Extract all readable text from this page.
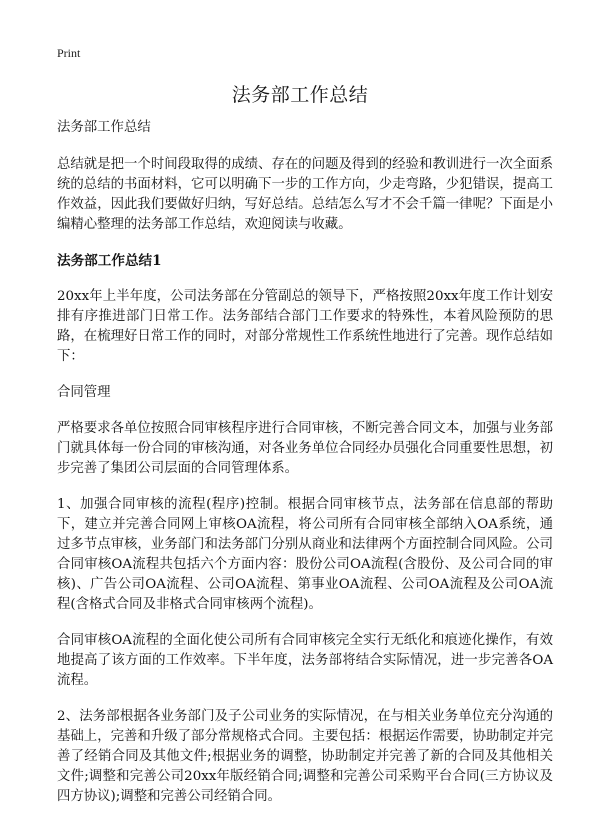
Print
法务部工作总结

法务部工作总结

总结就是把一个时间段取得的成绩、存在的问题及得到的经验和教训进行一次全面系统的总结的书面材料，它可以明确下一步的工作方向，少走弯路，少犯错误，提高工作效益，因此我们要做好归纳，写好总结。总结怎么写才不会千篇一律呢？下面是小编精心整理的法务部工作总结，欢迎阅读与收藏。

法务部工作总结1

20xx年上半年度，公司法务部在分管副总的领导下，严格按照20xx年度工作计划安排有序推进部门日常工作。法务部结合部门工作要求的特殊性，本着风险预防的思路，在梳理好日常工作的同时，对部分常规性工作系统性地进行了完善。现作总结如下：

合同管理

严格要求各单位按照合同审核程序进行合同审核，不断完善合同文本，加强与业务部门就具体每一份合同的审核沟通，对各业务单位合同经办员强化合同重要性思想，初步完善了集团公司层面的合同管理体系。

1、加强合同审核的流程(程序)控制。根据合同审核节点，法务部在信息部的帮助下，建立并完善合同网上审核OA流程，将公司所有合同审核全部纳入OA系统，通过多节点审核，业务部门和法务部门分别从商业和法律两个方面控制合同风险。公司合同审核OA流程共包括六个方面内容：股份公司OA流程(含股份、及公司合同的审核)、广告公司OA流程、公司OA流程、第事业OA流程、公司OA流程及公司OA流程(含格式合同及非格式合同审核两个流程)。

合同审核OA流程的全面化使公司所有合同审核完全实行无纸化和痕迹化操作，有效地提高了该方面的工作效率。下半年度，法务部将结合实际情况，进一步完善各OA流程。

2、法务部根据各业务部门及子公司业务的实际情况，在与相关业务单位充分沟通的基础上，完善和升级了部分常规格式合同。主要包括：根据运作需要，协助制定并完善了经销合同及其他文件;根据业务的调整，协助制定并完善了新的合同及其他相关文件;调整和完善公司20xx年版经销合同;调整和完善公司采购平台合同(三方协议及四方协议);调整和完善公司经销合同。
